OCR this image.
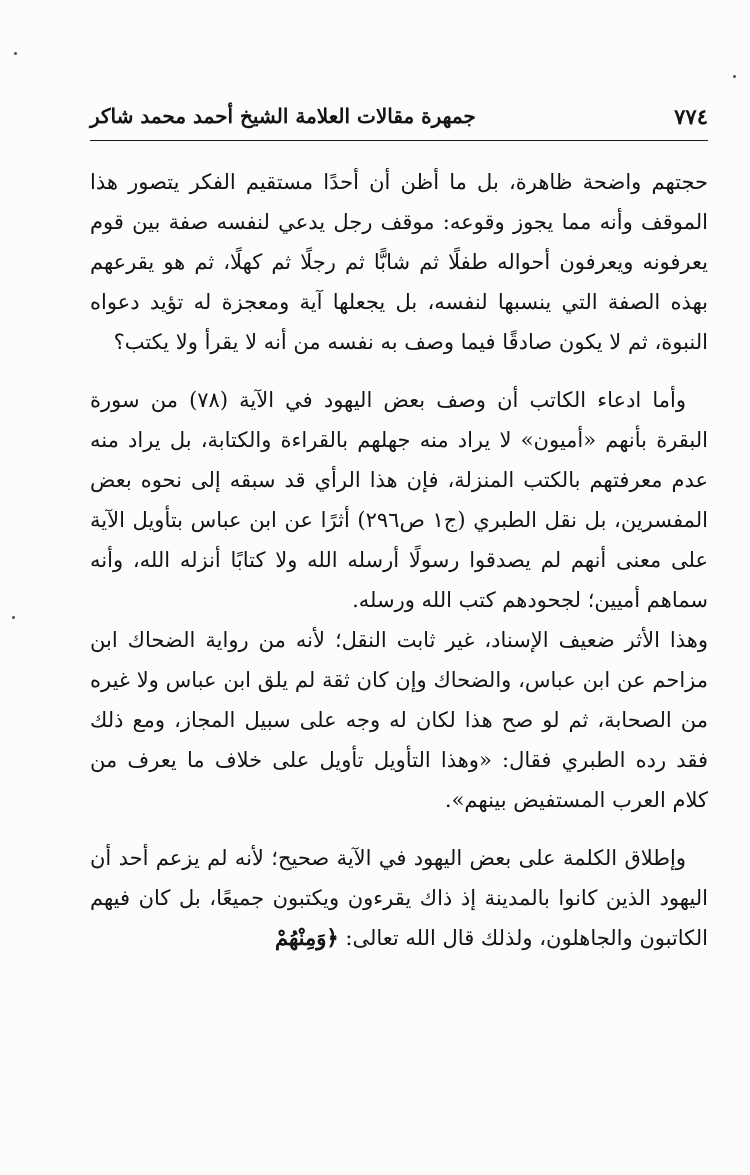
٧٧٤
جمهرة مقالات العلامة الشيخ أحمد محمد شاكر

حجتهم واضحة ظاهرة، بل ما أظن أن أحدًا مستقيم الفكر يتصور هذا الموقف وأنه مما يجوز وقوعه: موقف رجل يدعي لنفسه صفة بين قوم يعرفونه ويعرفون أحواله طفلًا ثم شابًّا ثم رجلًا ثم كهلًا، ثم هو يقرعهم بهذه الصفة التي ينسبها لنفسه، بل يجعلها آية ومعجزة له تؤيد دعواه النبوة، ثم لا يكون صادقًا فيما وصف به نفسه من أنه لا يقرأ ولا يكتب؟

وأما ادعاء الكاتب أن وصف بعض اليهود في الآية (٧٨) من سورة البقرة بأنهم «أميون» لا يراد منه جهلهم بالقراءة والكتابة، بل يراد منه عدم معرفتهم بالكتب المنزلة، فإن هذا الرأي قد سبقه إلى نحوه بعض المفسرين، بل نقل الطبري (ج١ ص٢٩٦) أثرًا عن ابن عباس بتأويل الآية على معنى أنهم لم يصدقوا رسولًا أرسله الله ولا كتابًا أنزله الله، وأنه سماهم أميين؛ لجحودهم كتب الله ورسله.

وهذا الأثر ضعيف الإسناد، غير ثابت النقل؛ لأنه من رواية الضحاك ابن مزاحم عن ابن عباس، والضحاك وإن كان ثقة لم يلق ابن عباس ولا غيره من الصحابة، ثم لو صح هذا لكان له وجه على سبيل المجاز، ومع ذلك فقد رده الطبري فقال: «وهذا التأويل تأويل على خلاف ما يعرف من كلام العرب المستفيض بينهم».

وإطلاق الكلمة على بعض اليهود في الآية صحيح؛ لأنه لم يزعم أحد أن اليهود الذين كانوا بالمدينة إذ ذاك يقرءون ويكتبون جميعًا، بل كان فيهم الكاتبون والجاهلون، ولذلك قال الله تعالى: ﴿وَمِنْهُمْ
